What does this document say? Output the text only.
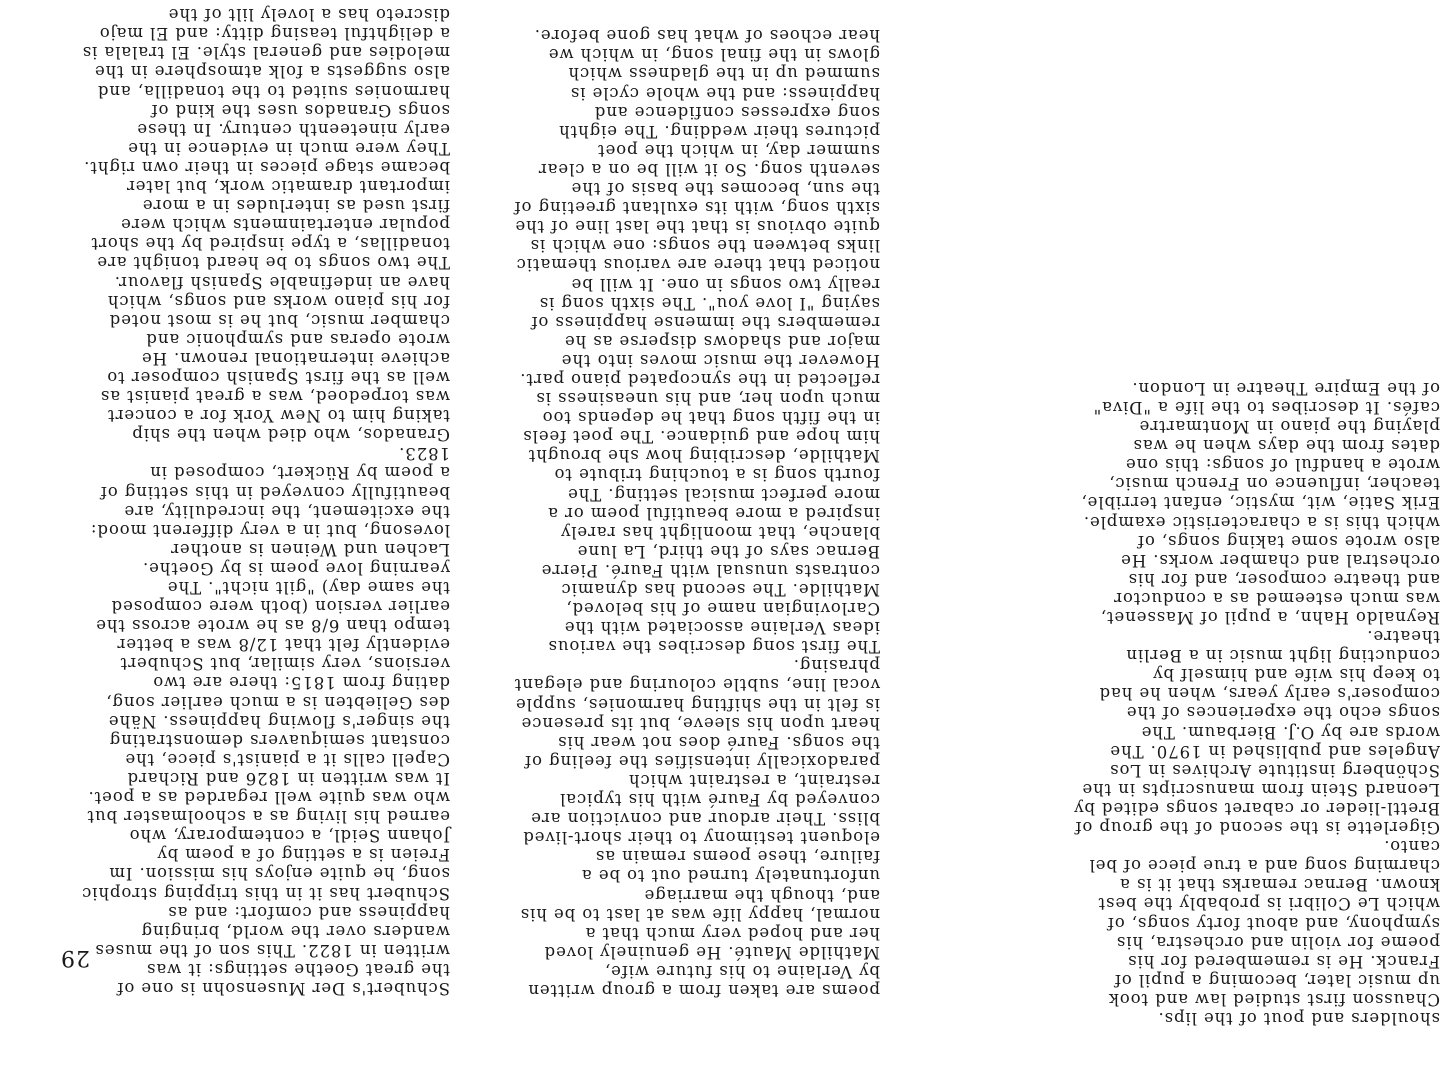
poems are taken from a group written
by Verlaine to his future wife,
Mathilde Mauté. He genuinely loved
her and hoped very much that a
normal, happy life was at last to be his
and, though the marriage
unfortunately turned out to be a
failure, these poems remain as
eloquent testimony to their short-lived
bliss. Their ardour and conviction are
conveyed by Fauré with his typical
restraint, a restraint which
paradoxically intensifies the feeling of
the songs. Fauré does not wear his
heart upon his sleeve, but its presence
is felt in the shifting harmonies, supple
vocal line, subtle colouring and elegant
phrasing.

The first song describes the various
ideas Verlaine associated with the
Carlovingian name of his beloved,
Mathilde. The second has dynamic
contrasts unusual with Fauré. Pierre
Bernac says of the third, La lune
blanche, that moonlight has rarely
inspired a more beautiful poem or a
more perfect musical setting. The
fourth song is a touching tribute to
Mathilde, describing how she brought
him hope and guidance. The poet feels
in the fifth song that he depends too
much upon her, and his uneasiness is
reflected in the syncopated piano part.

However the music moves into the
major and shadows disperse as he
remembers the immense happiness of
saying "I love you". The sixth song is
really two songs in one. It will be
noticed that there are various thematic
links between the songs: one which is
quite obvious is that the last line of the
sixth song, with its exultant greeting of
the sun, becomes the basis of the
seventh song. So it will be on a clear
summer day, in which the poet
pictures their wedding. The eighth
song expresses confidence and
happiness: and the whole cycle is
summed up in the gladness which
glows in the final song, in which we
hear echoes of what has gone before.

Schubert's Der Musensohn is one of
the great Goethe settings: it was
written in 1822. This son of the muses
wanders over the world, bringing
happiness and comfort: and as
Schubert has it in this tripping strophic
song, he quite enjoys his mission. Im
Freien is a setting of a poem by
Johann Seidl, a contemporary, who
earned his living as a schoolmaster but
who was quite well regarded as a poet.
It was written in 1826 and Richard
Capell calls it a pianist's piece, the
constant semiquavers demonstrating
the singer's flowing happiness. Nähe
des Geliebten is a much earlier song,
dating from 1815: there are two
versions, very similar, but Schubert
evidently felt that 12/8 was a better
tempo than 6/8 as he wrote across the
earlier version (both were composed
the same day) "gilt nicht". The
yearning love poem is by Goethe.
Lachen und Weinen is another
lovesong, but in a very different mood:
the excitement, the incredulity, are
beautifully conveyed in this setting of
a poem by Rückert, composed in
1823.

Granados, who died when the ship
taking him to New York for a concert
was torpedoed, was a great pianist as
well as the first Spanish composer to
achieve international renown. He
wrote operas and symphonic and
chamber music, but he is most noted
for his piano works and songs, which
have an indefinable Spanish flavour.
The two songs to be heard tonight are
tonadillas, a type inspired by the short
popular entertainments which were
first used as interludes in a more
important dramatic work, but later
became stage pieces in their own right.
They were much in evidence in the
early nineteenth century. In these
songs Granados uses the kind of
harmonies suited to the tonadilla, and
also suggests a folk atmosphere in the
melodies and general style. El tralala is
a delightful teasing ditty: and El majo
discreto has a lovely lilt of the

shoulders and pout of the lips.

Chausson first studied law and took
up music later, becoming a pupil of
Franck. He is remembered for his
poeme for violin and orchestra, his
symphony, and about forty songs, of
which Le Colibri is probably the best
known. Bernac remarks that it is a
charming song and a true piece of bel
canto.

Gigerlette is the second of the group of
Brettl-lieder or cabaret songs edited by
Leonard Stein from manuscripts in the
Schönberg institute Archives in Los
Angeles and published in 1970. The
words are by O.J. Bierbaum. The
songs echo the experiences of the
composer's early years, when he had
to keep his wife and himself by
conducting light music in a Berlin
theatre.

Reynaldo Hahn, a pupil of Massenet,
was much esteemed as a conductor
and theatre composer, and for his
orchestral and chamber works. He
also wrote some taking songs, of
which this is a characteristic example.

Erik Satie, wit, mystic, enfant terrible,
teacher, influence on French music,
wrote a handful of songs: this one
dates from the days when he was
playing the piano in Montmartre
cafés. It describes to the life a "Diva"
of the Empire Theatre in London.

29
